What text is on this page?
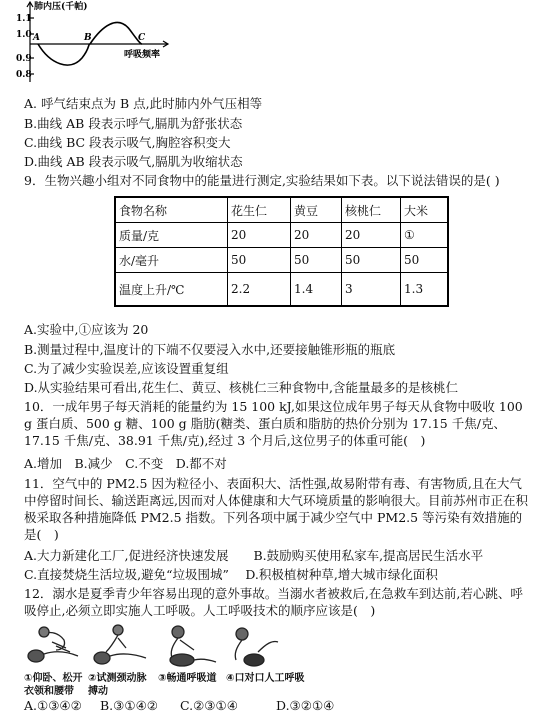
肺内压(千帕)
1.1
1.0
0.9
0.8
A	B	C
呼吸频率
A. 呼气结束点为 B 点,此时肺内外气压相等
B.曲线 AB 段表示呼气,膈肌为舒张状态
C.曲线 BC 段表示吸气,胸腔容积变大
D.曲线 AB 段表示吸气,膈肌为收缩状态
9．生物兴趣小组对不同食物中的能量进行测定,实验结果如下表。以下说法错误的是( )
食物名称	花生仁	黄豆	核桃仁	大米
质量/克	20	20	20	①
水/毫升	50	50	50	50
温度上升/℃	2.2	1.4	3	1.3
A.实验中,①应该为 20
B.测量过程中,温度计的下端不仅要浸入水中,还要接触锥形瓶的瓶底
C.为了减少实验误差,应该设置重复组
D.从实验结果可看出,花生仁、黄豆、核桃仁三种食物中,含能量最多的是核桃仁
10．一成年男子每天消耗的能量约为 15 100 kJ,如果这位成年男子每天从食物中吸收 100 g 蛋白质、500 g 糖、100 g 脂肪(糖类、蛋白质和脂肪的热价分别为 17.15 千焦/克、17.15 千焦/克、38.91 千焦/克),经过 3 个月后,这位男子的体重可能(　)
A.增加　B.减少　C.不变　D.都不对
11．空气中的 PM2.5 因为粒径小、表面积大、活性强,故易附带有毒、有害物质,且在大气中停留时间长、输送距离远,因而对人体健康和大气环境质量的影响很大。目前苏州市正在积极采取各种措施降低 PM2.5 指数。下列各项中属于减少空气中 PM2.5 等污染有效措施的是(　)
A.大力新建化工厂,促进经济快速发展　　B.鼓励购买使用私家车,提高居民生活水平
C.直接焚烧生活垃圾,避免“垃圾围城”　 D.积极植树种草,增大城市绿化面积
12．溺水是夏季青少年容易出现的意外事故。当溺水者被救后,在急救车到达前,若心跳、呼吸停止,必须立即实施人工呼吸。人工呼吸技术的顺序应该是(　)
①仰卧、松开
衣领和腰带
②试测颈动脉
搏动
③畅通呼吸道 ④口对口人工呼吸
A.①③④② B.③①④② C.②③①④	D.③②①④
